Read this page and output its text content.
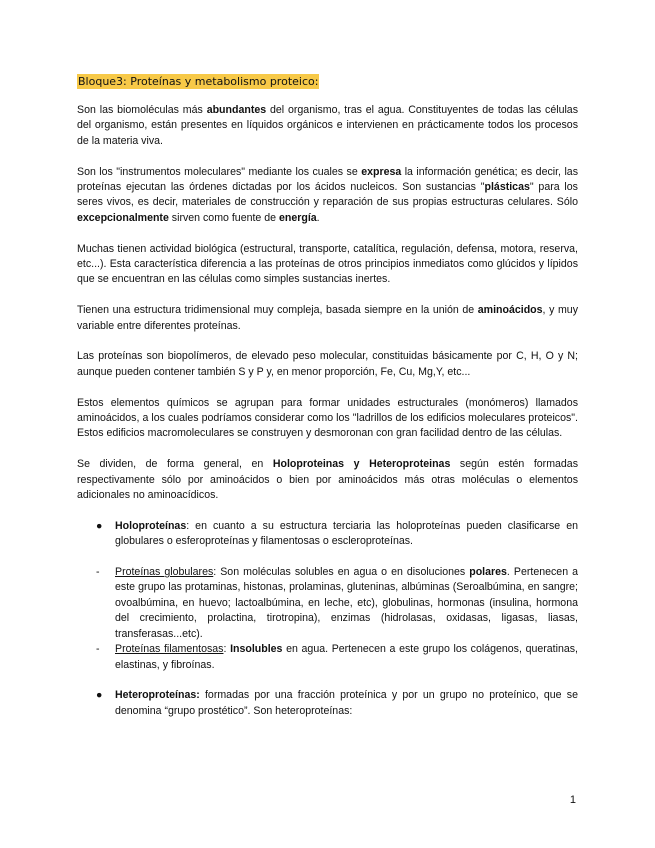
Bloque3: Proteínas y metabolismo proteico:

Son las biomoléculas más abundantes del organismo, tras el agua. Constituyentes de todas las células del organismo, están presentes en líquidos orgánicos e intervienen en prácticamente todos los procesos de la materia viva.

Son los "instrumentos moleculares" mediante los cuales se expresa la información genética; es decir, las proteínas ejecutan las órdenes dictadas por los ácidos nucleicos. Son sustancias "plásticas" para los seres vivos, es decir, materiales de construcción y reparación de sus propias estructuras celulares. Sólo excepcionalmente sirven como fuente de energía.

Muchas tienen actividad biológica (estructural, transporte, catalítica, regulación, defensa, motora, reserva, etc...). Esta característica diferencia a las proteínas de otros principios inmediatos como glúcidos y lípidos que se encuentran en las células como simples sustancias inertes.

Tienen una estructura tridimensional muy compleja, basada siempre en la unión de aminoácidos, y muy variable entre diferentes proteínas.

Las proteínas son biopolímeros, de elevado peso molecular, constituidas básicamente por C, H, O y N; aunque pueden contener también S y P y, en menor proporción, Fe, Cu, Mg,Y, etc...

Estos elementos químicos se agrupan para formar unidades estructurales (monómeros) llamados aminoácidos, a los cuales podríamos considerar como los "ladrillos de los edificios moleculares proteicos". Estos edificios macromoleculares se construyen y desmoronan con gran facilidad dentro de las células.

Se dividen, de forma general, en Holoproteinas y Heteroproteinas según estén formadas respectivamente sólo por aminoácidos o bien por aminoácidos más otras moléculas o elementos adicionales no aminoacídicos.

●	Holoproteínas: en cuanto a su estructura terciaria las holoproteínas pueden clasificarse en globulares o esferoproteínas y filamentosas o escleroproteínas.
-	Proteínas globulares: Son moléculas solubles en agua o en disoluciones polares. Pertenecen a este grupo las protaminas, histonas, prolaminas, gluteninas, albúminas (Seroalbúmina, en sangre; ovoalbúmina, en huevo; lactoalbúmina, en leche, etc), globulinas, hormonas (insulina, hormona del crecimiento, prolactina, tirotropina), enzimas (hidrolasas, oxidasas, ligasas, liasas, transferasas...etc).
-	Proteínas filamentosas: Insolubles en agua. Pertenecen a este grupo los colágenos, queratinas, elastinas, y fibroínas.
●	Heteroproteínas: formadas por una fracción proteínica y por un grupo no proteínico, que se denomina “grupo prostético”. Son heteroproteínas:
1
